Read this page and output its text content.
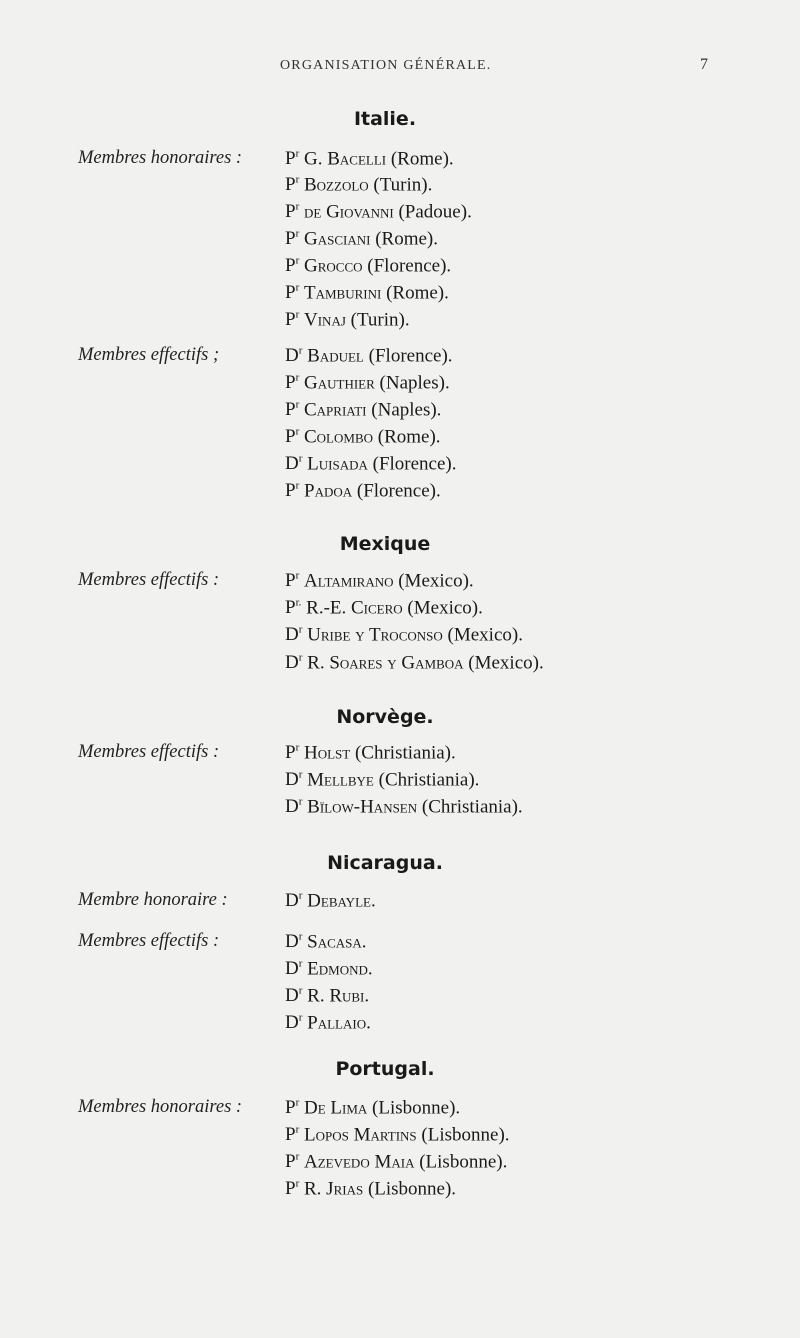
ORGANISATION GÉNÉRALE.	7
Italie.
Membres honoraires : $P^r$ G. Bacelli (Rome).
$P^r$ Bozzolo (Turin).
$P^r$ de Giovanni (Padoue).
$P^r$ Gasciani (Rome).
$P^r$ Grocco (Florence).
$P^r$ Tamburini (Rome).
$P^r$ Vinaj (Turin).
Membres effectifs ;	$D^r$ Baduel (Florence).
$P^r$ Gauthier (Naples).
$P^r$ Capriati (Naples).
$P^r$ Colombo (Rome).
$D^r$ Luisada (Florence).
$P^r$ Padoa (Florence).
Mexique
Membres effectifs :	$P^r$ Altamirano (Mexico).
$P^{r.}$ R.-E. Cicero (Mexico).
$D^r$ Uribe y Troconso (Mexico).
$D^r$ R. Soares y Gamboa (Mexico).
Norvège.
Membres effectifs :	$P^r$ Holst (Christiania).
$D^r$ Mellbye (Christiania).
$D^r$ Bïlow-Hansen (Christiania).
Nicaragua.
Membre honoraire :	$D^r$ Debayle.
Membres effectifs :	$D^r$ Sacasa.
$D^r$ Edmond.
$D^r$ R. Rubi.
$D^r$ Pallaio.
Portugal.
Membres honoraires : $P^r$ De Lima (Lisbonne).
$P^r$ Lopos Martins (Lisbonne).
$P^r$ Azevedo Maia (Lisbonne).
$P^r$ R. Jrias (Lisbonne).
